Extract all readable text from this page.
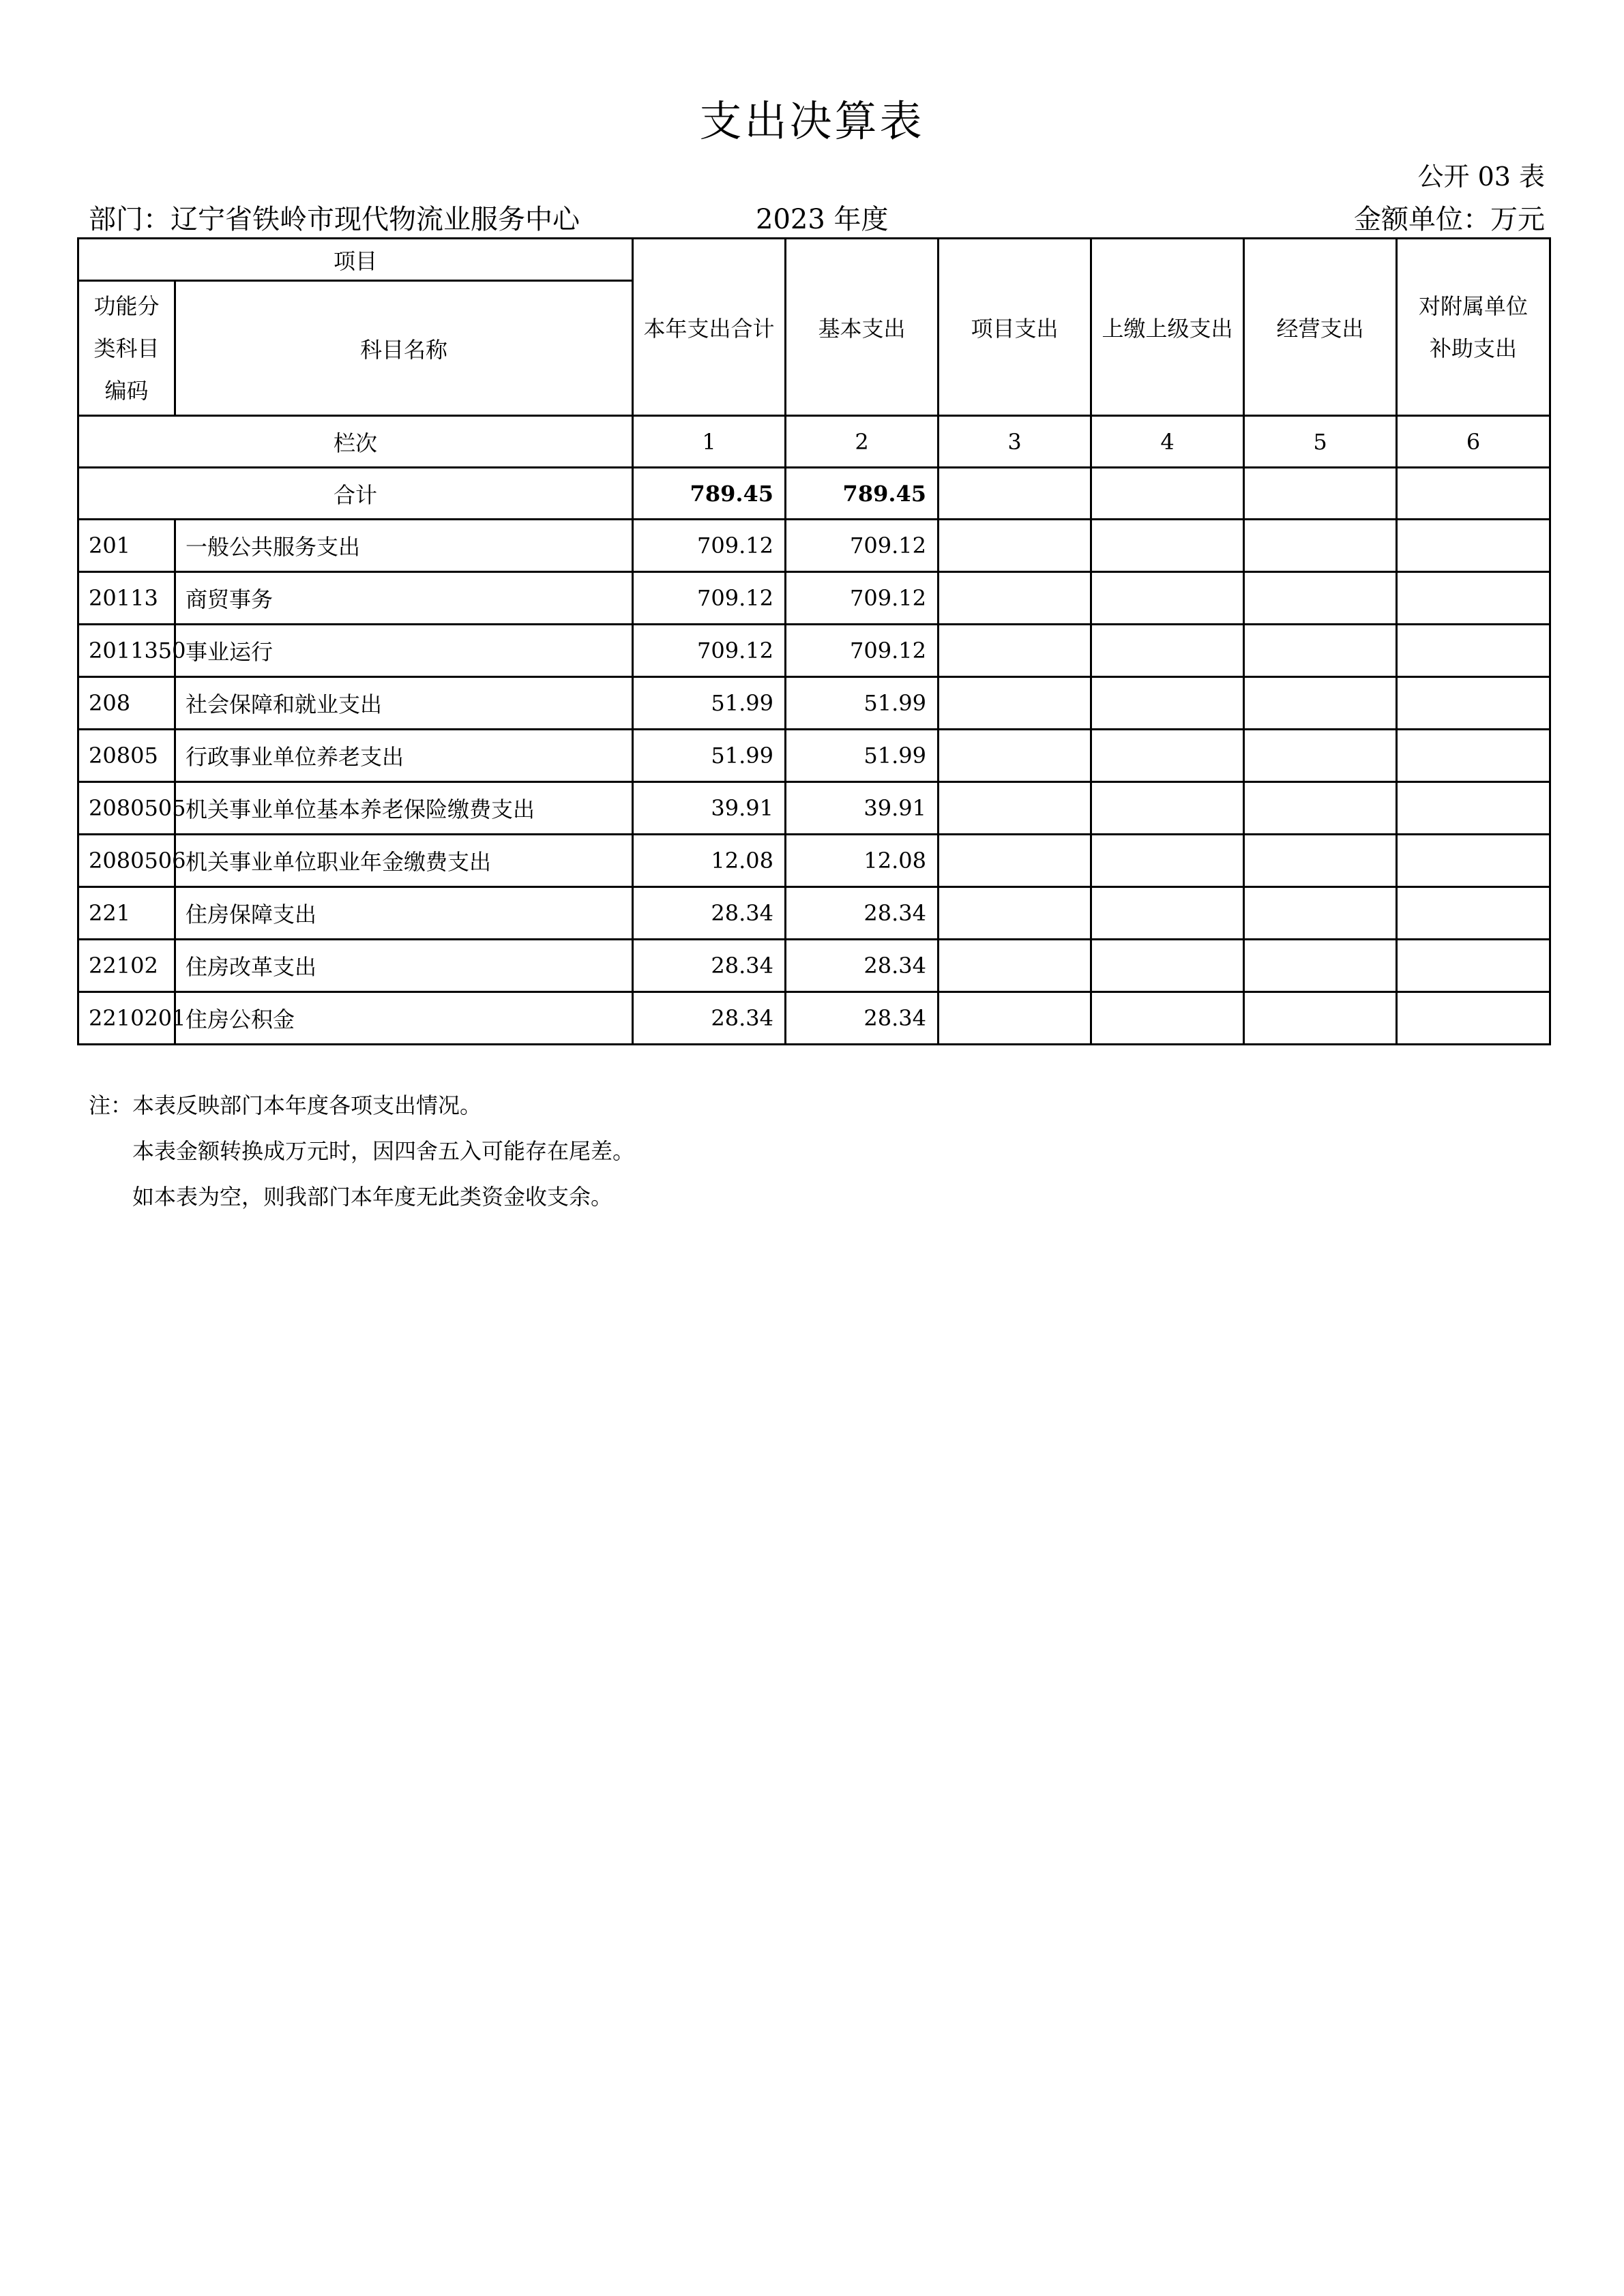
支出决算表
公开 03 表
部门：辽宁省铁岭市现代物流业服务中心	2023 年度	金额单位：万元
项目		本年支出合计	基本支出	项目支出	上缴上级支出	经营支出	对附属单位补助支出
功能分类科目编码	科目名称						
栏次		1	2	3	4	5	6
合计		789.45	789.45				
201	一般公共服务支出	709.12	709.12				
20113	商贸事务	709.12	709.12				
2011350	事业运行	709.12	709.12				
208	社会保障和就业支出	51.99	51.99				
20805	行政事业单位养老支出	51.99	51.99				
2080505	机关事业单位基本养老保险缴费支出	39.91	39.91				
2080506	机关事业单位职业年金缴费支出	12.08	12.08				
221	住房保障支出	28.34	28.34				
22102	住房改革支出	28.34	28.34				
2210201	住房公积金	28.34	28.34				
注：本表反映部门本年度各项支出情况。
本表金额转换成万元时，因四舍五入可能存在尾差。
如本表为空，则我部门本年度无此类资金收支余。
